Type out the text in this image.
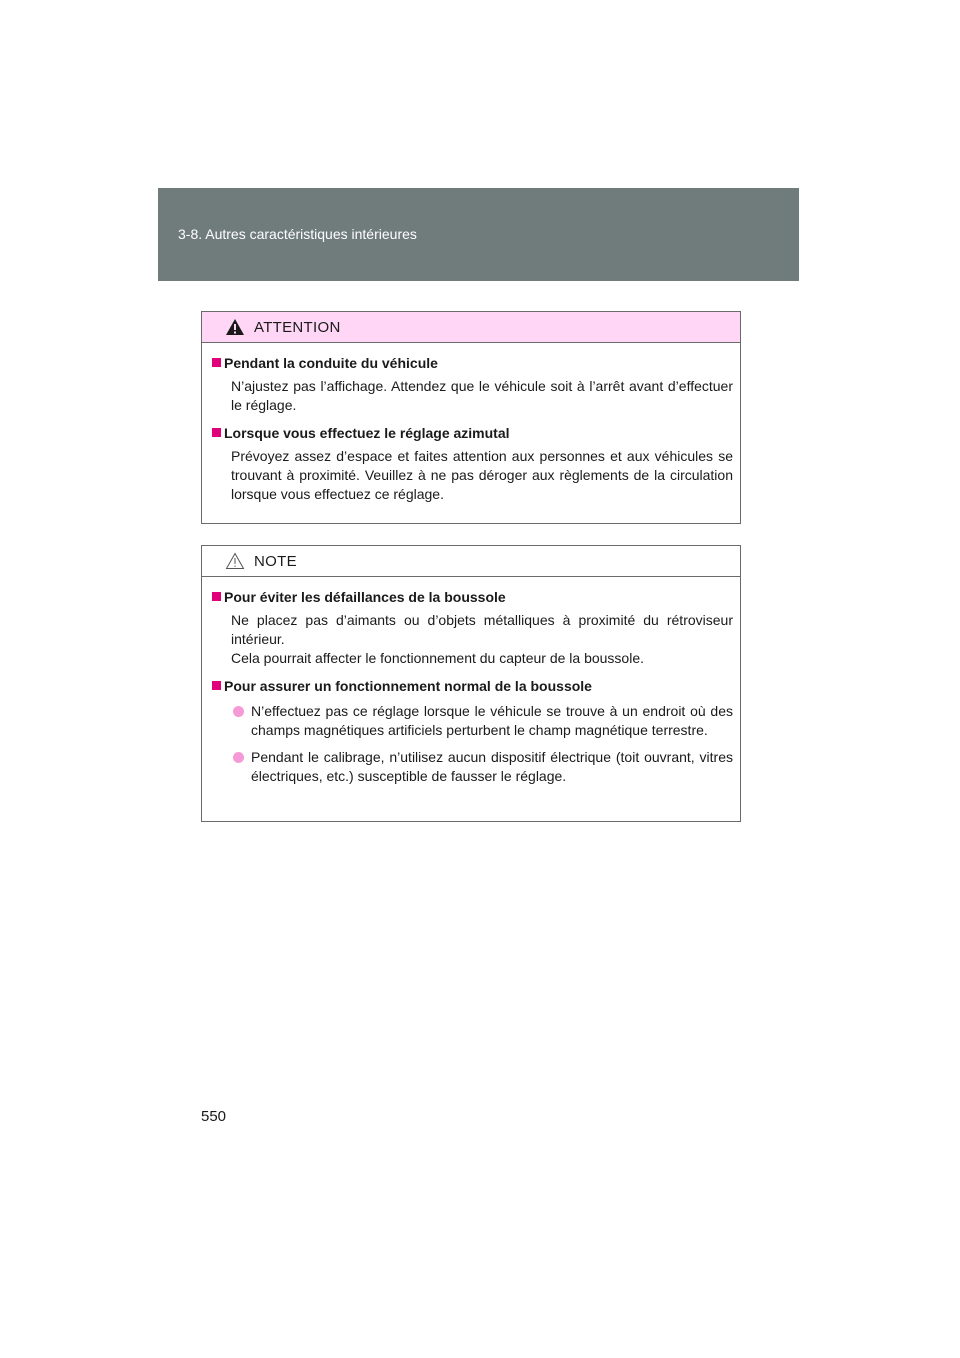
3-8. Autres caractéristiques intérieures
ATTENTION
Pendant la conduite du véhicule

N’ajustez pas l’affichage. Attendez que le véhicule soit à l’arrêt avant d’effectuer le réglage.

Lorsque vous effectuez le réglage azimutal

Prévoyez assez d’espace et faites attention aux personnes et aux véhicules se trouvant à proximité. Veuillez à ne pas déroger aux règlements de la circulation lorsque vous effectuez ce réglage.

NOTE
Pour éviter les défaillances de la boussole

Ne placez pas d’aimants ou d’objets métalliques à proximité du rétroviseur intérieur.

Cela pourrait affecter le fonctionnement du capteur de la boussole.

Pour assurer un fonctionnement normal de la boussole
N’effectuez pas ce réglage lorsque le véhicule se trouve à un endroit où des champs magnétiques artificiels perturbent le champ magnétique terrestre.
Pendant le calibrage, n’utilisez aucun dispositif électrique (toit ouvrant, vitres électriques, etc.) susceptible de fausser le réglage.
550
